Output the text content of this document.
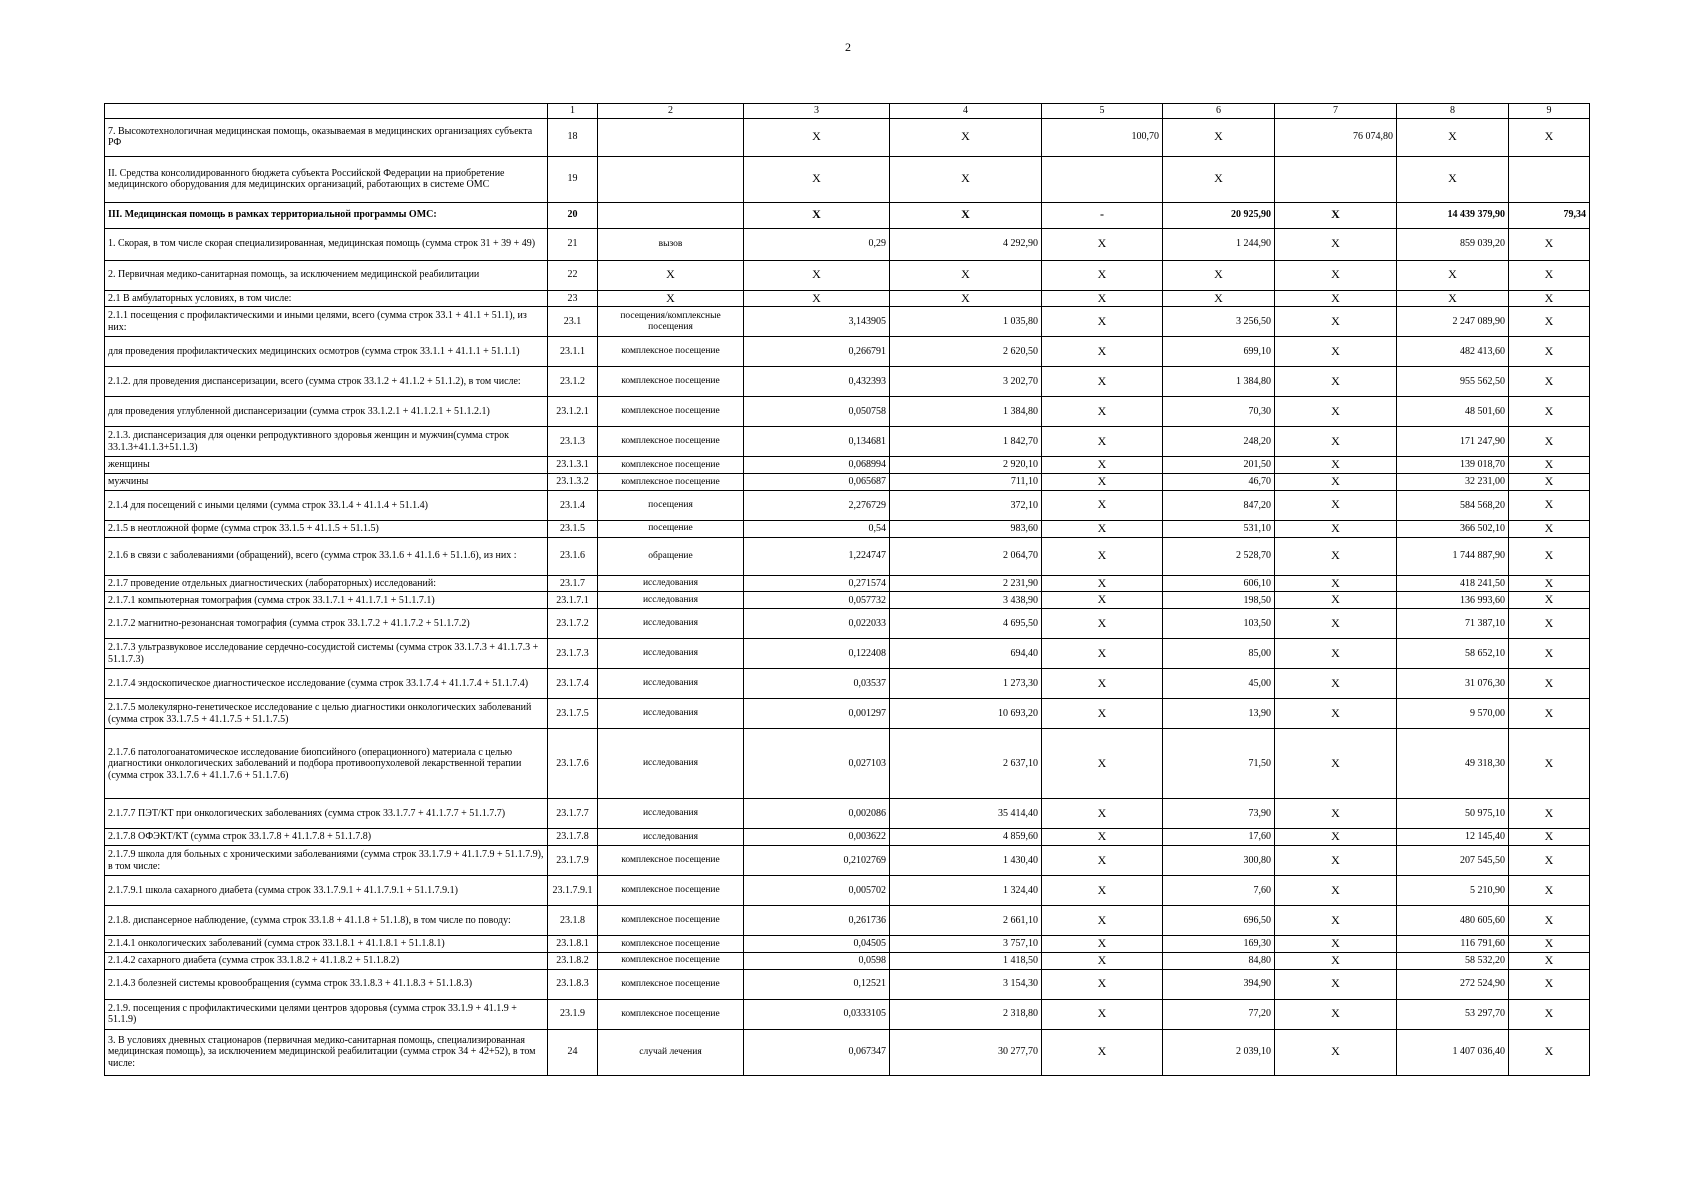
2
	1	2	3	4	5	6	7	8	9
7. Высокотехнологичная медицинская помощь, оказываемая в медицинских организациях субъекта РФ	18		X	X	100,70	X	76 074,80	X	X
II. Средства консолидированного бюджета субъекта Российской Федерации на приобретение медицинского оборудования для медицинских организаций, работающих в системе ОМС	19		X	X		X		X	
III. Медицинская помощь в рамках территориальной программы ОМС:	20		X	X	-	20 925,90	X	14 439 379,90	79,34
1. Скорая, в том числе скорая специализированная, медицинская помощь (сумма строк 31 + 39 + 49)	21	вызов	0,29	4 292,90	X	1 244,90	X	859 039,20	X
2. Первичная медико-санитарная помощь, за исключением медицинской реабилитации	22	X	X	X	X	X	X	X	X
2.1 В амбулаторных условиях, в том числе:	23	X	X	X	X	X	X	X	X
2.1.1 посещения с профилактическими и иными целями, всего (сумма строк 33.1 + 41.1 + 51.1), из них:	23.1	посещения/комплексные посещения	3,143905	1 035,80	X	3 256,50	X	2 247 089,90	X
для проведения профилактических медицинских осмотров (сумма строк 33.1.1 + 41.1.1 + 51.1.1)	23.1.1	комплексное посещение	0,266791	2 620,50	X	699,10	X	482 413,60	X
2.1.2. для проведения диспансеризации, всего (сумма строк 33.1.2 + 41.1.2 + 51.1.2), в том числе:	23.1.2	комплексное посещение	0,432393	3 202,70	X	1 384,80	X	955 562,50	X
для проведения углубленной диспансеризации (сумма строк 33.1.2.1 + 41.1.2.1 + 51.1.2.1)	23.1.2.1	комплексное посещение	0,050758	1 384,80	X	70,30	X	48 501,60	X
2.1.3. диспансеризация для оценки репродуктивного здоровья женщин и мужчин(сумма строк 33.1.3+41.1.3+51.1.3)	23.1.3	комплексное посещение	0,134681	1 842,70	X	248,20	X	171 247,90	X
женщины	23.1.3.1	комплексное посещение	0,068994	2 920,10	X	201,50	X	139 018,70	X
мужчины	23.1.3.2	комплексное посещение	0,065687	711,10	X	46,70	X	32 231,00	X
2.1.4 для посещений с иными целями (сумма строк 33.1.4 + 41.1.4 + 51.1.4)	23.1.4	посещения	2,276729	372,10	X	847,20	X	584 568,20	X
2.1.5 в неотложной форме (сумма строк 33.1.5 + 41.1.5 + 51.1.5)	23.1.5	посещение	0,54	983,60	X	531,10	X	366 502,10	X
2.1.6 в связи с заболеваниями (обращений), всего (сумма строк 33.1.6 + 41.1.6 + 51.1.6), из них :	23.1.6	обращение	1,224747	2 064,70	X	2 528,70	X	1 744 887,90	X
2.1.7 проведение отдельных диагностических (лабораторных) исследований:	23.1.7	исследования	0,271574	2 231,90	X	606,10	X	418 241,50	X
2.1.7.1 компьютерная томография (сумма строк 33.1.7.1 + 41.1.7.1 + 51.1.7.1)	23.1.7.1	исследования	0,057732	3 438,90	X	198,50	X	136 993,60	X
2.1.7.2 магнитно-резонансная томография (сумма строк 33.1.7.2 + 41.1.7.2 + 51.1.7.2)	23.1.7.2	исследования	0,022033	4 695,50	X	103,50	X	71 387,10	X
2.1.7.3 ультразвуковое исследование сердечно-сосудистой системы (сумма строк 33.1.7.3 + 41.1.7.3 + 51.1.7.3)	23.1.7.3	исследования	0,122408	694,40	X	85,00	X	58 652,10	X
2.1.7.4 эндоскопическое диагностическое исследование (сумма строк 33.1.7.4 + 41.1.7.4 + 51.1.7.4)	23.1.7.4	исследования	0,03537	1 273,30	X	45,00	X	31 076,30	X
2.1.7.5 молекулярно-генетическое исследование с целью диагностики онкологических заболеваний (сумма строк 33.1.7.5 + 41.1.7.5 + 51.1.7.5)	23.1.7.5	исследования	0,001297	10 693,20	X	13,90	X	9 570,00	X
2.1.7.6 патологоанатомическое исследование биопсийного (операционного) материала с целью диагностики онкологических заболеваний и подбора противоопухолевой лекарственной терапии (сумма строк 33.1.7.6 + 41.1.7.6 + 51.1.7.6)	23.1.7.6	исследования	0,027103	2 637,10	X	71,50	X	49 318,30	X
2.1.7.7 ПЭТ/КТ при онкологических заболеваниях (сумма строк 33.1.7.7 + 41.1.7.7 + 51.1.7.7)	23.1.7.7	исследования	0,002086	35 414,40	X	73,90	X	50 975,10	X
2.1.7.8 ОФЭКТ/КТ (сумма строк 33.1.7.8 + 41.1.7.8 + 51.1.7.8)	23.1.7.8	исследования	0,003622	4 859,60	X	17,60	X	12 145,40	X
2.1.7.9 школа для больных с хроническими заболеваниями (сумма строк 33.1.7.9 + 41.1.7.9 + 51.1.7.9), в том числе:	23.1.7.9	комплексное посещение	0,2102769	1 430,40	X	300,80	X	207 545,50	X
2.1.7.9.1 школа сахарного диабета (сумма строк 33.1.7.9.1 + 41.1.7.9.1 + 51.1.7.9.1)	23.1.7.9.1	комплексное посещение	0,005702	1 324,40	X	7,60	X	5 210,90	X
2.1.8. диспансерное наблюдение, (сумма строк 33.1.8 + 41.1.8 + 51.1.8), в том числе по поводу:	23.1.8	комплексное посещение	0,261736	2 661,10	X	696,50	X	480 605,60	X
2.1.4.1 онкологических заболеваний (сумма строк 33.1.8.1 + 41.1.8.1 + 51.1.8.1)	23.1.8.1	комплексное посещение	0,04505	3 757,10	X	169,30	X	116 791,60	X
2.1.4.2 сахарного диабета (сумма строк 33.1.8.2 + 41.1.8.2 + 51.1.8.2)	23.1.8.2	комплексное посещение	0,0598	1 418,50	X	84,80	X	58 532,20	X
2.1.4.3 болезней системы кровообращения (сумма строк 33.1.8.3 + 41.1.8.3 + 51.1.8.3)	23.1.8.3	комплексное посещение	0,12521	3 154,30	X	394,90	X	272 524,90	X
2.1.9. посещения с профилактическими целями центров здоровья (сумма строк 33.1.9 + 41.1.9 + 51.1.9)	23.1.9	комплексное посещение	0,0333105	2 318,80	X	77,20	X	53 297,70	X
3. В условиях дневных стационаров (первичная медико-санитарная помощь, специализированная медицинская помощь), за исключением медицинской реабилитации (сумма строк 34 + 42+52), в том числе:	24	случай лечения	0,067347	30 277,70	X	2 039,10	X	1 407 036,40	X
